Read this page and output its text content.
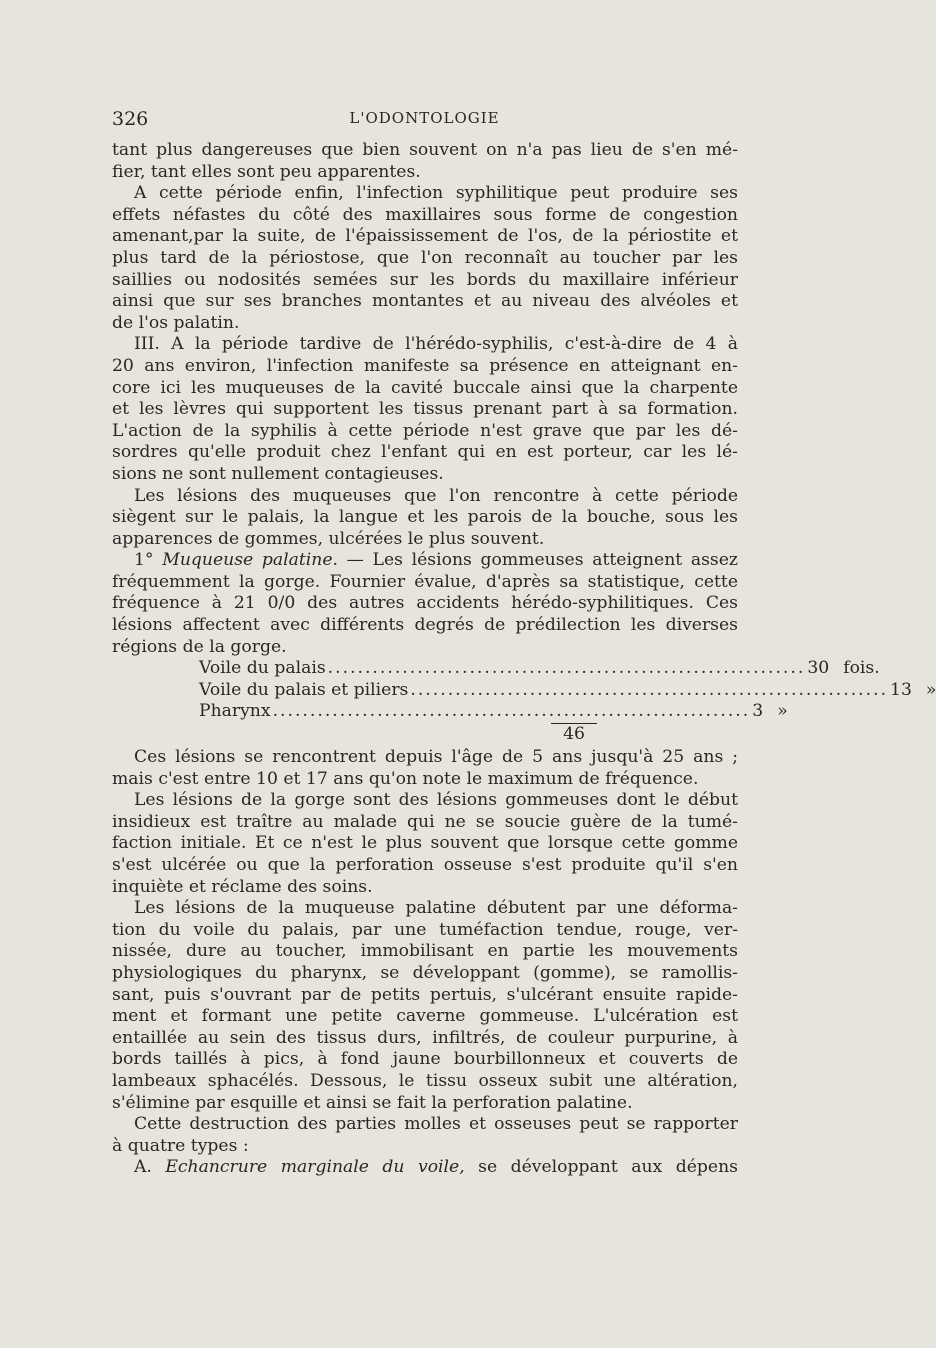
326	L'ODONTOLOGIE

tant plus dangereuses que bien souvent on n'a pas lieu de s'en mé-
fier, tant elles sont peu apparentes.

A cette période enfin, l'infection syphilitique peut produire ses
effets néfastes du côté des maxillaires sous forme de congestion
amenant,par la suite, de l'épaississement de l'os, de la périostite et
plus tard de la périostose, que l'on reconnaît au toucher par les
saillies ou nodosités semées sur les bords du maxillaire inférieur
ainsi que sur ses branches montantes et au niveau des alvéoles et
de l'os palatin.

III. A la période tardive de l'hérédo-syphilis, c'est-à-dire de 4 à
20 ans environ, l'infection manifeste sa présence en atteignant en-
core ici les muqueuses de la cavité buccale ainsi que la charpente
et les lèvres qui supportent les tissus prenant part à sa formation.
L'action de la syphilis à cette période n'est grave que par les dé-
sordres qu'elle produit chez l'enfant qui en est porteur, car les lé-
sions ne sont nullement contagieuses.

Les lésions des muqueuses que l'on rencontre à cette période
siègent sur le palais, la langue et les parois de la bouche, sous les
apparences de gommes, ulcérées le plus souvent.

1° Muqueuse palatine. — Les lésions gommeuses atteignent assez
fréquemment la gorge. Fournier évalue, d'après sa statistique, cette
fréquence à 21 0/0 des autres accidents hérédo-syphilitiques. Ces
lésions affectent avec différents degrés de prédilection les diverses
régions de la gorge.

Voile du palais ................................................................ 30 fois.
Voile du palais et piliers ................................................................ 13 »
Pharynx ................................................................ 3 »
46

Ces lésions se rencontrent depuis l'âge de 5 ans jusqu'à 25 ans ;
mais c'est entre 10 et 17 ans qu'on note le maximum de fréquence.

Les lésions de la gorge sont des lésions gommeuses dont le début
insidieux est traître au malade qui ne se soucie guère de la tumé-
faction initiale. Et ce n'est le plus souvent que lorsque cette gomme
s'est ulcérée ou que la perforation osseuse s'est produite qu'il s'en
inquiète et réclame des soins.

Les lésions de la muqueuse palatine débutent par une déforma-
tion du voile du palais, par une tuméfaction tendue, rouge, ver-
nissée, dure au toucher, immobilisant en partie les mouvements
physiologiques du pharynx, se développant (gomme), se ramollis-
sant, puis s'ouvrant par de petits pertuis, s'ulcérant ensuite rapide-
ment et formant une petite caverne gommeuse. L'ulcération est
entaillée au sein des tissus durs, infiltrés, de couleur purpurine, à
bords taillés à pics, à fond jaune bourbillonneux et couverts de
lambeaux sphacélés. Dessous, le tissu osseux subit une altération,
s'élimine par esquille et ainsi se fait la perforation palatine.

Cette destruction des parties molles et osseuses peut se rapporter
à quatre types :

A. Echancrure marginale du voile, se développant aux dépens
